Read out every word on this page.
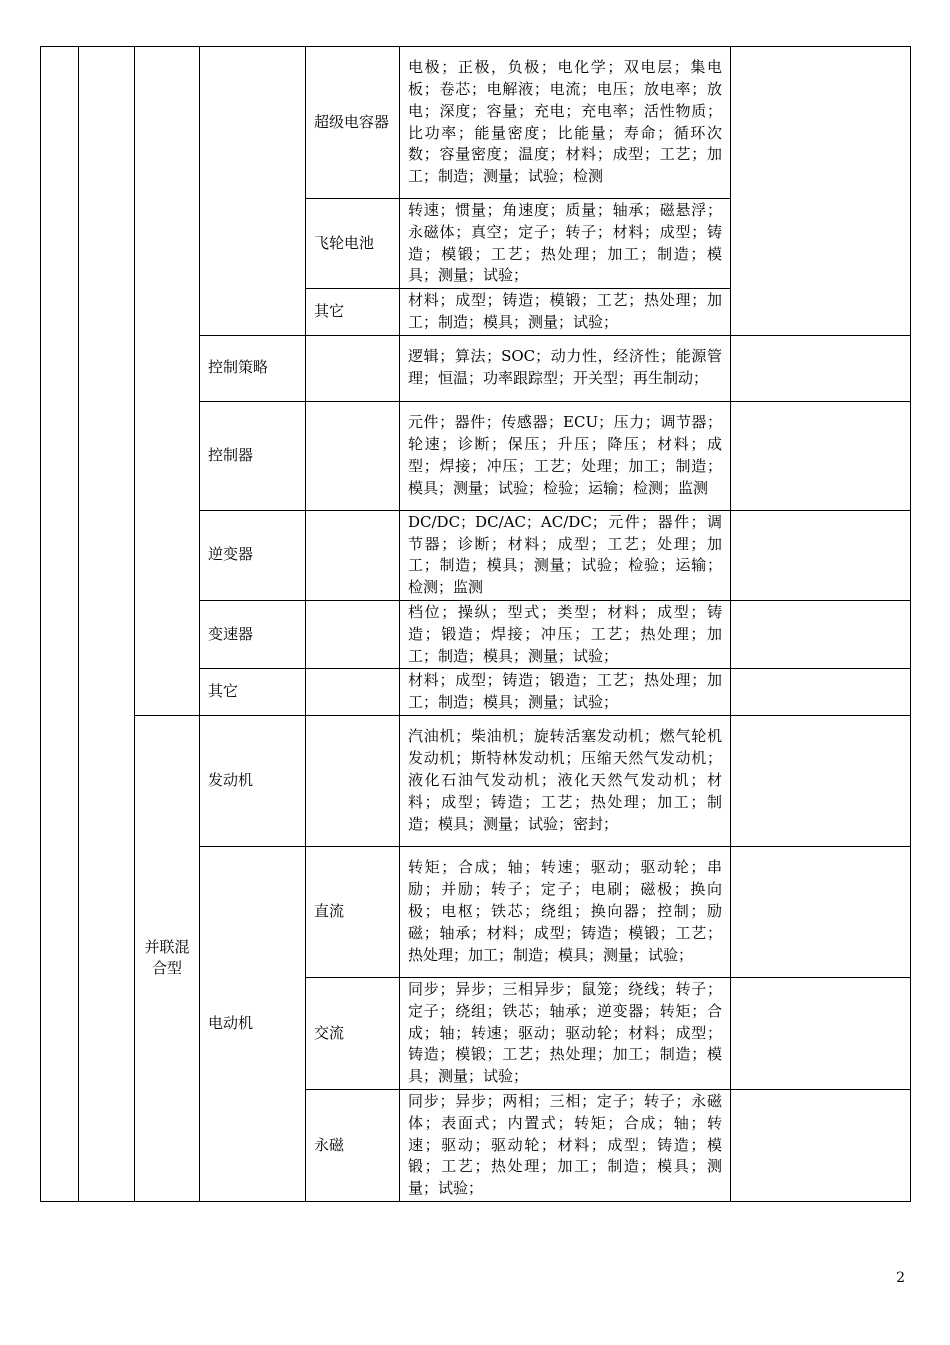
				超级电容器	电极；正极，负极；电化学；双电层；集电板；卷芯；电解液；电流；电压；放电率；放电；深度；容量；充电；充电率；活性物质；比功率；能量密度；比能量；寿命；循环次数；容量密度；温度；材料；成型；工艺；加工；制造；测量；试验；检测	
				飞轮电池	转速；惯量；角速度；质量；轴承；磁悬浮；永磁体；真空；定子；转子；材料；成型；铸造；模锻；工艺；热处理；加工；制造；模具；测量；试验；	
				其它	材料；成型；铸造；模锻；工艺；热处理；加工；制造；模具；测量；试验；	
			控制策略		逻辑；算法；SOC；动力性，经济性；能源管理；恒温；功率跟踪型；开关型；再生制动；	
			控制器		元件；器件；传感器；ECU；压力；调节器；轮速；诊断；保压；升压；降压；材料；成型；焊接；冲压；工艺；处理；加工；制造；模具；测量；试验；检验；运输；检测；监测	
			逆变器		DC/DC；DC/AC；AC/DC；元件；器件；调节器；诊断；材料；成型；工艺；处理；加工；制造；模具；测量；试验；检验；运输；检测；监测	
			变速器		档位；操纵；型式；类型；材料；成型；铸造；锻造；焊接；冲压；工艺；热处理；加工；制造；模具；测量；试验；	
			其它		材料；成型；铸造；锻造；工艺；热处理；加工；制造；模具；测量；试验；	
		并联混合型	发动机		汽油机；柴油机；旋转活塞发动机；燃气轮机发动机；斯特林发动机；压缩天然气发动机；液化石油气发动机；液化天然气发动机；材料；成型；铸造；工艺；热处理；加工；制造；模具；测量；试验；密封；	
			电动机	直流	转矩；合成；轴；转速；驱动；驱动轮；串励；并励；转子；定子；电刷；磁极；换向极；电枢；铁芯；绕组；换向器；控制；励磁；轴承；材料；成型；铸造；模锻；工艺；热处理；加工；制造；模具；测量；试验；	
				交流	同步；异步；三相异步；鼠笼；绕线；转子；定子；绕组；铁芯；轴承；逆变器；转矩；合成；轴；转速；驱动；驱动轮；材料；成型；铸造；模锻；工艺；热处理；加工；制造；模具；测量；试验；	
				永磁	同步；异步；两相；三相；定子；转子；永磁体；表面式；内置式；转矩；合成；轴；转速；驱动；驱动轮；材料；成型；铸造；模锻；工艺；热处理；加工；制造；模具；测量；试验；	
2
